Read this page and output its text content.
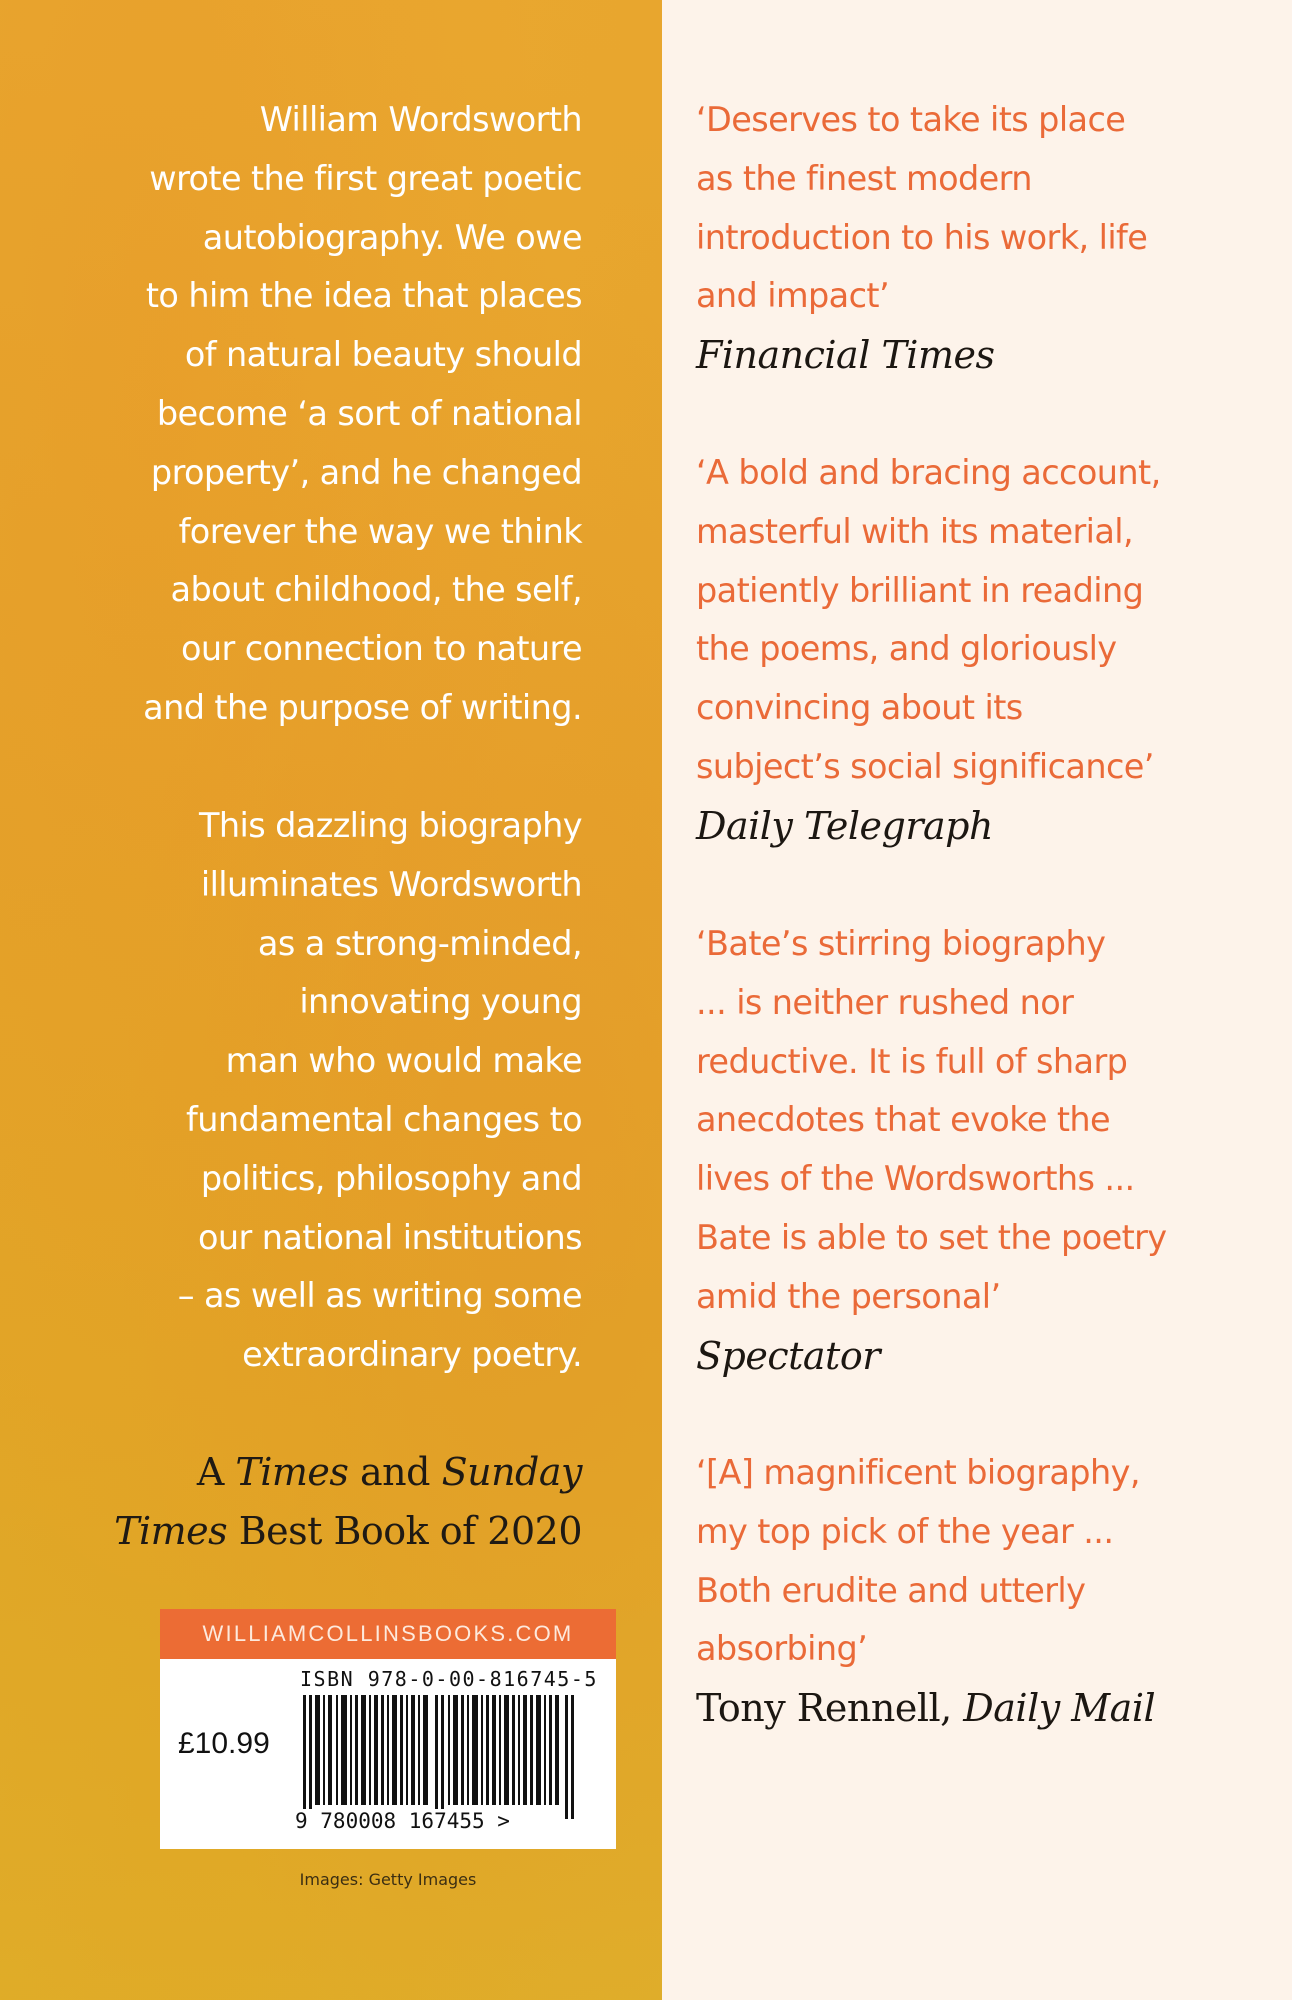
William Wordsworth
wrote the first great poetic
autobiography. We owe
to him the idea that places
of natural beauty should
become ‘a sort of national
property’, and he changed
forever the way we think
about childhood, the self,
our connection to nature
and the purpose of writing.

This dazzling biography
illuminates Wordsworth
as a strong-minded,
innovating young
man who would make
fundamental changes to
politics, philosophy and
our national institutions
– as well as writing some
extraordinary poetry.

A Times and Sunday
Times Best Book of 2020

WILLIAMCOLLINSBOOKS.COM
ISBN 978-0-00-816745-5
£10.99
9 780008 167455 >
Images: Getty Images

‘Deserves to take its place
as the finest modern
introduction to his work, life
and impact’

Financial Times

‘A bold and bracing account,
masterful with its material,
patiently brilliant in reading
the poems, and gloriously
convincing about its
subject’s social significance’

Daily Telegraph

‘Bate’s stirring biography
... is neither rushed nor
reductive. It is full of sharp
anecdotes that evoke the
lives of the Wordsworths ...
Bate is able to set the poetry
amid the personal’

Spectator

‘[A] magnificent biography,
my top pick of the year ...
Both erudite and utterly
absorbing’

Tony Rennell, Daily Mail
